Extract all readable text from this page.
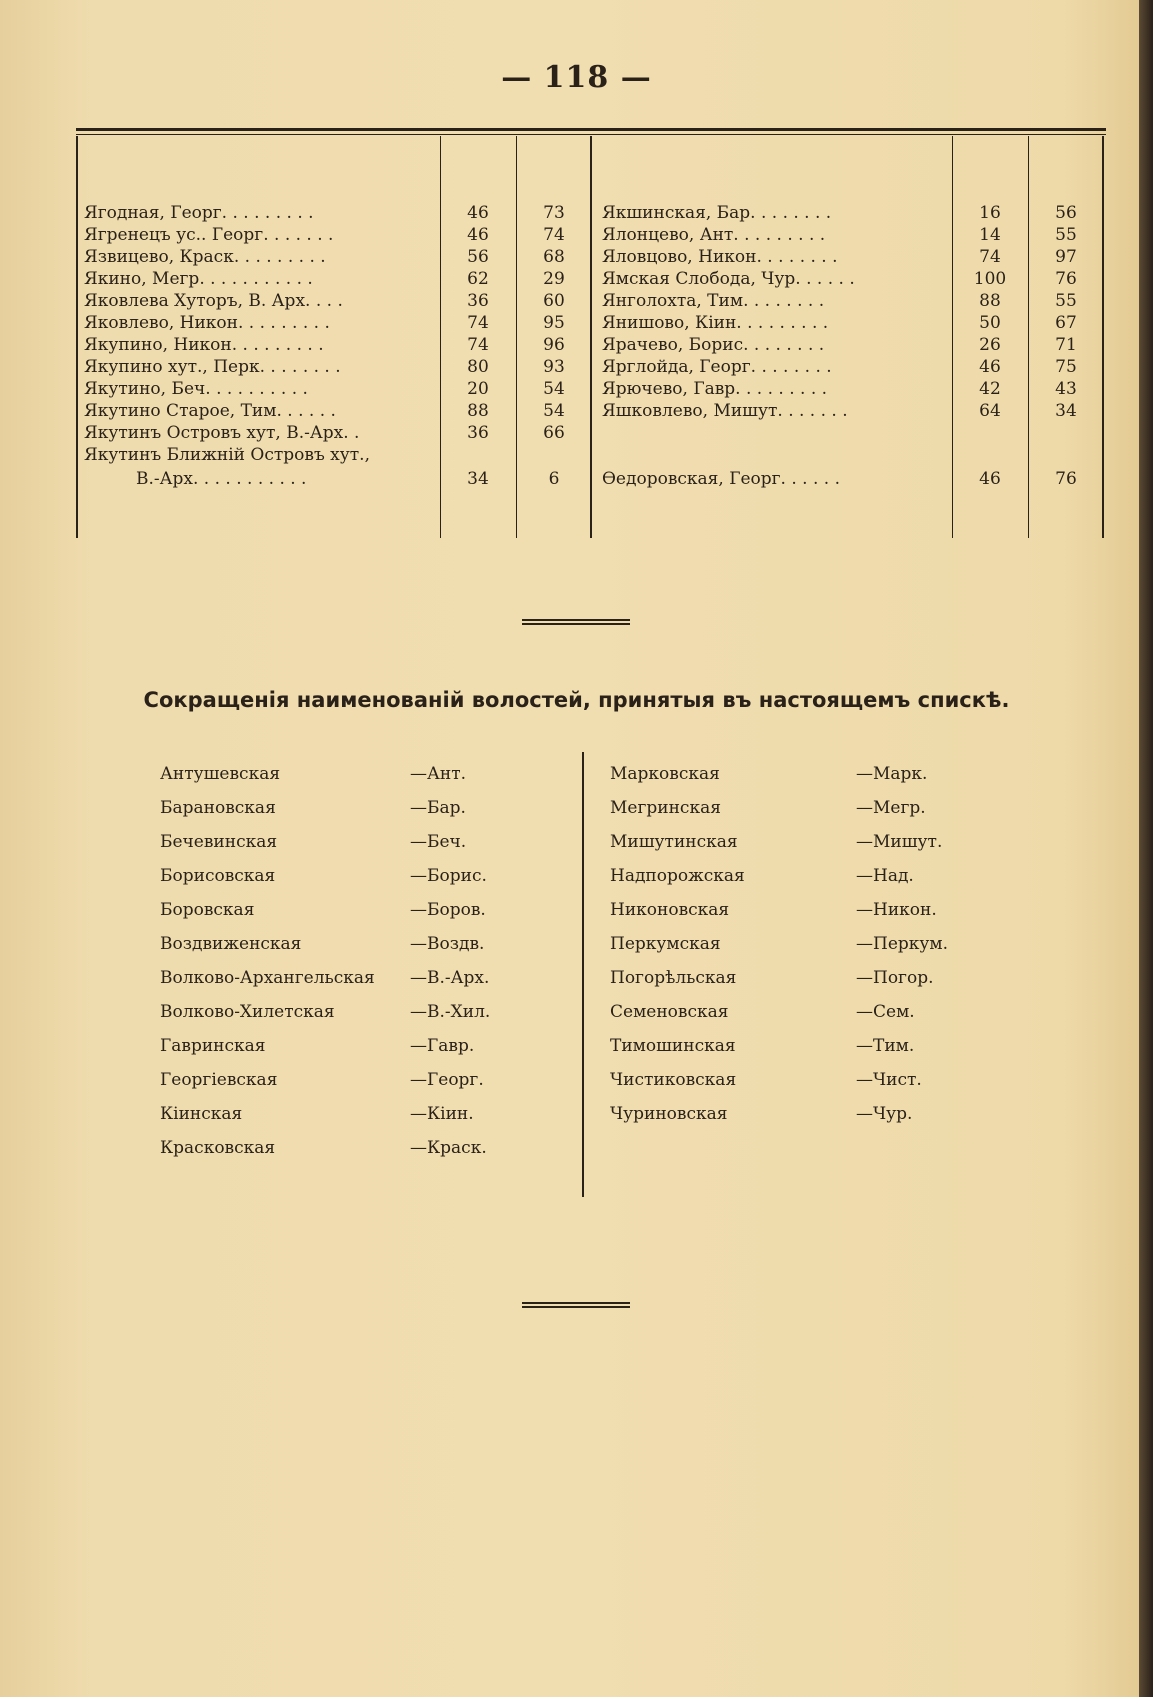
— 118 —
Ягодная, Георг. . . . . . . . .	46	73
Ягренецъ ус.. Георг. . . . . . .	46	74
Язвицево, Краск. . . . . . . . .	56	68
Якино, Мегр. . . . . . . . . . .	62	29
Яковлева Хуторъ, В. Арх. . . .	36	60
Яковлево, Никон. . . . . . . . .	74	95
Якупино, Никон. . . . . . . . .	74	96
Якупино хут., Перк. . . . . . . .	80	93
Якутино, Беч. . . . . . . . . .	20	54
Якутино Старое, Тим. . . . . .	88	54
Якутинъ Островъ хут, В.-Арх. .	36	66
Якутинъ Ближній Островъ хут.,
В.-Арх. . . . . . . . . . .	34	6
Якшинская, Бар. . . . . . . .	16	56
Ялонцево, Ант. . . . . . . . .	14	55
Яловцово, Никон. . . . . . . .	74	97
Ямская Слобода, Чур. . . . . .	100	76
Янголохта, Тим. . . . . . . .	88	55
Янишово, Кіин. . . . . . . . .	50	67
Ярачево, Борис. . . . . . . .	26	71
Ярглойда, Георг. . . . . . . .	46	75
Ярючево, Гавр. . . . . . . . .	42	43
Яшковлево, Мишут. . . . . . .	64	34
Ѳедоровская, Георг. . . . . .	46	76
Сокращенія наименованій волостей, принятыя въ настоящемъ спискѣ.
Антушевская	—Ант.
Барановская	—Бар.
Бечевинская	—Беч.
Борисовская	—Борис.
Боровская	—Боров.
Воздвиженская	—Воздв.
Волково-Архангельская	—В.-Арх.
Волково-Хилетская	—В.-Хил.
Гавринская	—Гавр.
Георгіевская	—Георг.
Кіинская	—Кіин.
Красковская	—Краск.
Марковская	—Марк.
Мегринская	—Мегр.
Мишутинская	—Мишут.
Надпорожская	—Над.
Никоновская	—Никон.
Перкумская	—Перкум.
Погорѣльская	—Погор.
Семеновская	—Сем.
Тимошинская	—Тим.
Чистиковская	—Чист.
Чуриновская	—Чур.
